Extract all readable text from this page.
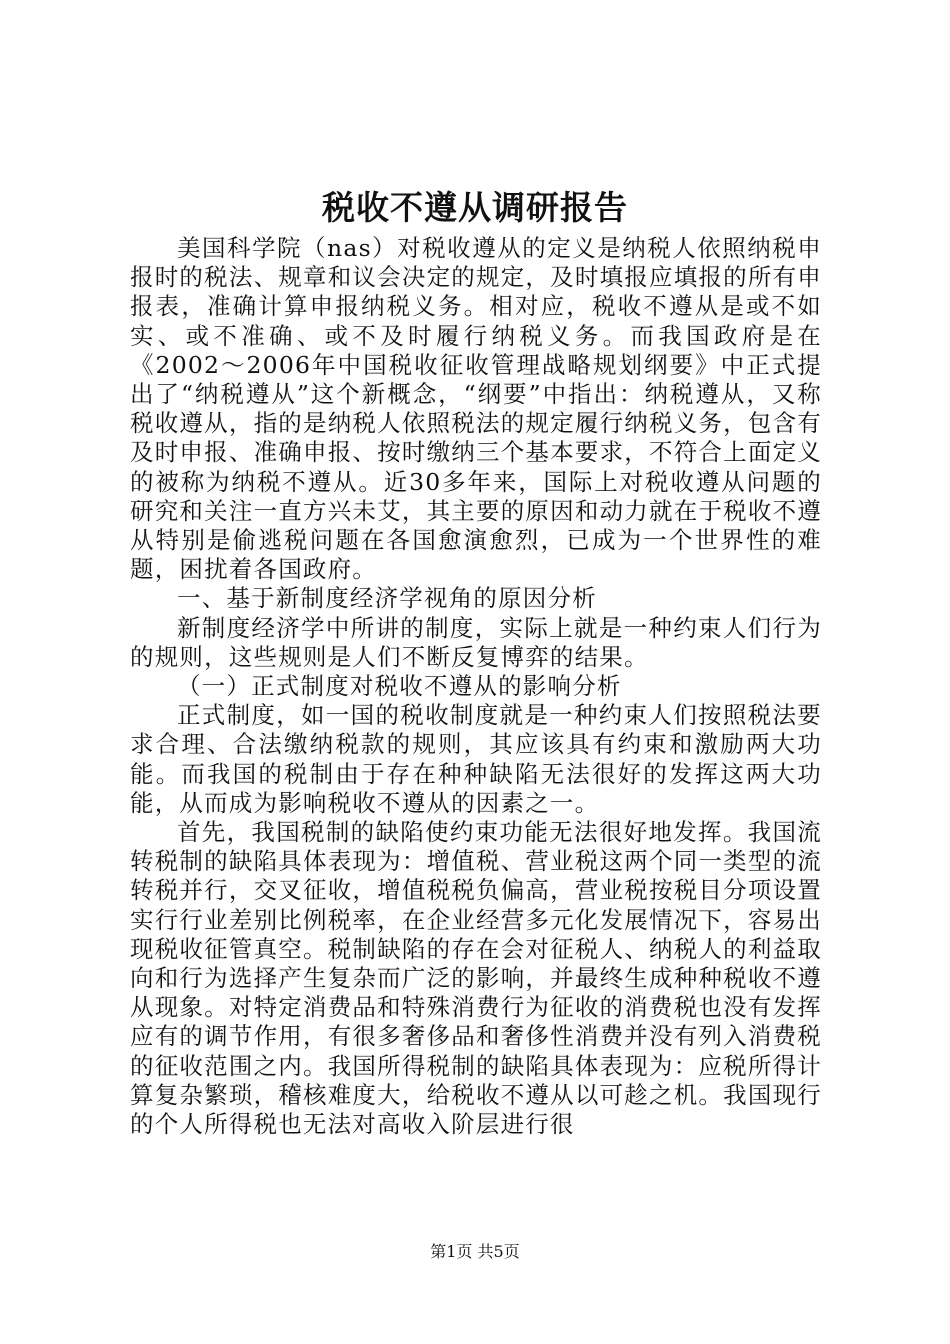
税收不遵从调研报告

美国科学院（nas）对税收遵从的定义是纳税人依照纳税申报时的税法、规章和议会决定的规定，及时填报应填报的所有申报表，准确计算申报纳税义务。相对应，税收不遵从是或不如实、或不准确、或不及时履行纳税义务。而我国政府是在《2002～2006年中国税收征收管理战略规划纲要》中正式提出了“纳税遵从”这个新概念，“纲要”中指出：纳税遵从，又称税收遵从，指的是纳税人依照税法的规定履行纳税义务，包含有及时申报、准确申报、按时缴纳三个基本要求，不符合上面定义的被称为纳税不遵从。近30多年来，国际上对税收遵从问题的研究和关注一直方兴未艾，其主要的原因和动力就在于税收不遵从特别是偷逃税问题在各国愈演愈烈，已成为一个世界性的难题，困扰着各国政府。

一、基于新制度经济学视角的原因分析

新制度经济学中所讲的制度，实际上就是一种约束人们行为的规则，这些规则是人们不断反复博弈的结果。

（一）正式制度对税收不遵从的影响分析

正式制度，如一国的税收制度就是一种约束人们按照税法要求合理、合法缴纳税款的规则，其应该具有约束和激励两大功能。而我国的税制由于存在种种缺陷无法很好的发挥这两大功能，从而成为影响税收不遵从的因素之一。

首先，我国税制的缺陷使约束功能无法很好地发挥。我国流转税制的缺陷具体表现为：增值税、营业税这两个同一类型的流转税并行，交叉征收，增值税税负偏高，营业税按税目分项设置实行行业差别比例税率，在企业经营多元化发展情况下，容易出现税收征管真空。税制缺陷的存在会对征税人、纳税人的利益取向和行为选择产生复杂而广泛的影响，并最终生成种种税收不遵从现象。对特定消费品和特殊消费行为征收的消费税也没有发挥应有的调节作用，有很多奢侈品和奢侈性消费并没有列入消费税的征收范围之内。我国所得税制的缺陷具体表现为：应税所得计算复杂繁琐，稽核难度大，给税收不遵从以可趁之机。我国现行的个人所得税也无法对高收入阶层进行很

第1页 共5页
